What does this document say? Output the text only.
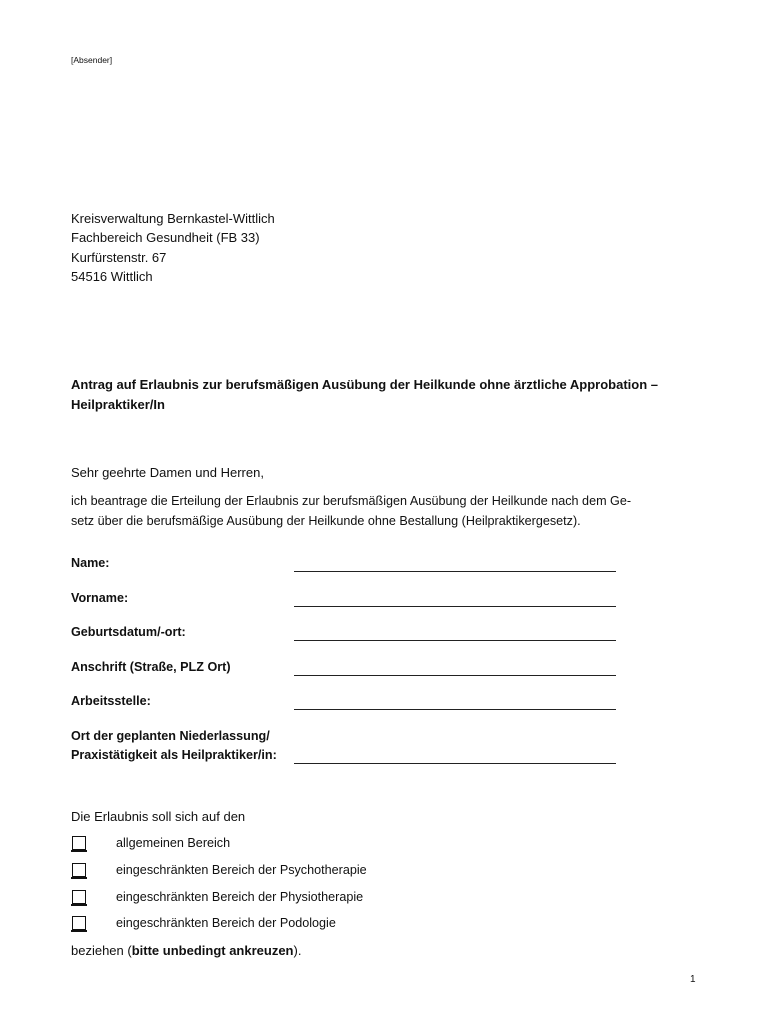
[Absender]
Kreisverwaltung Bernkastel-Wittlich
Fachbereich Gesundheit (FB 33)
Kurfürstenstr. 67
54516 Wittlich
Antrag auf Erlaubnis zur berufsmäßigen Ausübung der Heilkunde ohne ärztliche Approbation – Heilpraktiker/In
Sehr geehrte Damen und Herren,
ich beantrage die Erteilung der Erlaubnis zur berufsmäßigen Ausübung der Heilkunde nach dem Ge-
setz über die berufsmäßige Ausübung der Heilkunde ohne Bestallung (Heilpraktikergesetz).
Name:
Vorname:
Geburtsdatum/-ort:
Anschrift (Straße, PLZ Ort)
Arbeitsstelle:
Ort der geplanten Niederlassung/
Praxistätigkeit als Heilpraktiker/in:
Die Erlaubnis soll sich auf den
allgemeinen Bereich
eingeschränkten Bereich der Psychotherapie
eingeschränkten Bereich der Physiotherapie
eingeschränkten Bereich der Podologie
beziehen (bitte unbedingt ankreuzen).
1
